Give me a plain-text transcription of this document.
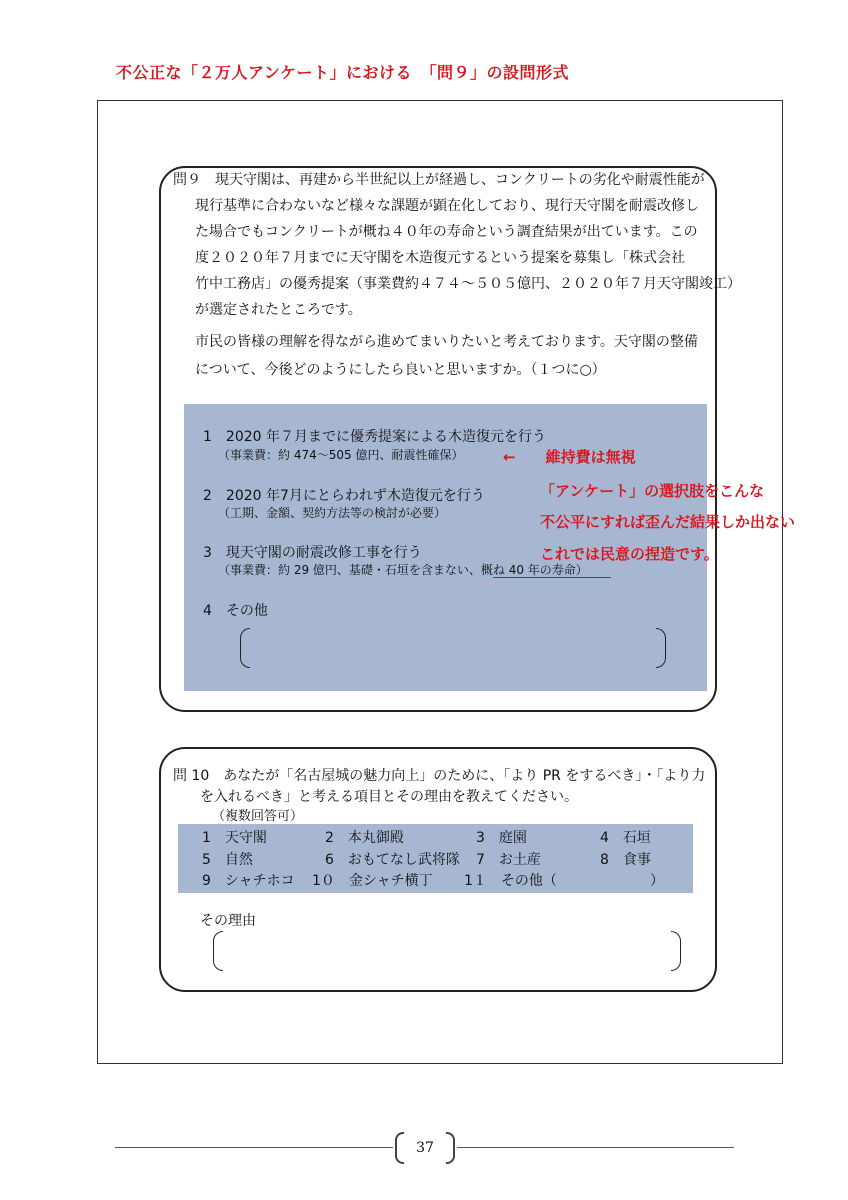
不公正な「２万人アンケート」における　「問９」の設問形式
問９　現天守閣は、再建から半世紀以上が経過し、コンクリートの劣化や耐震性能が
現行基準に合わないなど様々な課題が顕在化しており、現行天守閣を耐震改修し
た場合でもコンクリートが概ね４０年の寿命という調査結果が出ています。この
度２０２０年７月までに天守閣を木造復元するという提案を募集し「株式会社
竹中工務店」の優秀提案（事業費約４７４～５０５億円、２０２０年７月天守閣竣工）
が選定されたところです。
市民の皆様の理解を得ながら進めてまいりたいと考えております。天守閣の整備
について、今後どのようにしたら良いと思いますか。（１つに○）
1　2020 年７月までに優秀提案による木造復元を行う
（事業費：約 474～505 億円、耐震性確保）
2　2020 年7月にとらわれず木造復元を行う
（工期、金額、契約方法等の検討が必要）
3　現天守閣の耐震改修工事を行う
（事業費：約 29 億円、基礎・石垣を含まない、概ね 40 年の寿命）
4　その他
←　　維持費は無視
「アンケート」の選択肢をこんな
不公平にすれば歪んだ結果しか出ない
これでは民意の捏造です。
問 10　あなたが「名古屋城の魅力向上」のために、「より PR をするべき」・「より力
を入れるべき」と考える項目とその理由を教えてください。
（複数回答可）
1　天守閣	2　本丸御殿	3　庭園	4　石垣
5　自然	6　おもてなし武将隊 7　お土産	8　食事
9　シャチホコ 1０　金シャチ横丁 1１　その他（	）
その理由
37
